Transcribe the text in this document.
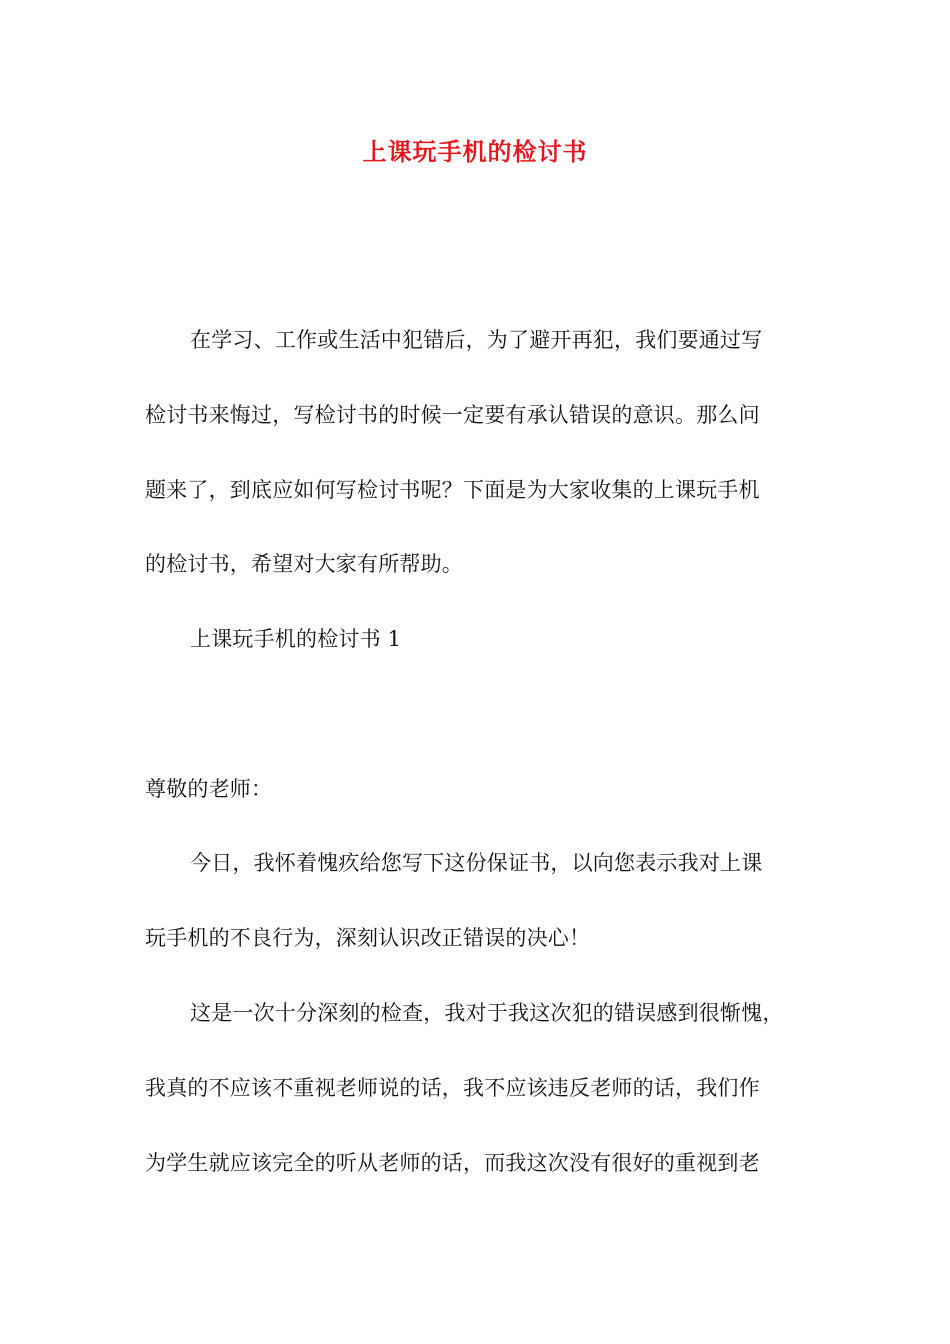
上课玩手机的检讨书
在学习、工作或生活中犯错后，为了避开再犯，我们要通过写
检讨书来悔过，写检讨书的时候一定要有承认错误的意识。那么问
题来了，到底应如何写检讨书呢？下面是为大家收集的上课玩手机
的检讨书，希望对大家有所帮助。
上课玩手机的检讨书 1
尊敬的老师：
今日，我怀着愧疚给您写下这份保证书，以向您表示我对上课
玩手机的不良行为，深刻认识改正错误的决心！
这是一次十分深刻的检查，我对于我这次犯的错误感到很惭愧，
我真的不应该不重视老师说的话，我不应该违反老师的话，我们作
为学生就应该完全的听从老师的话，而我这次没有很好的重视到老
